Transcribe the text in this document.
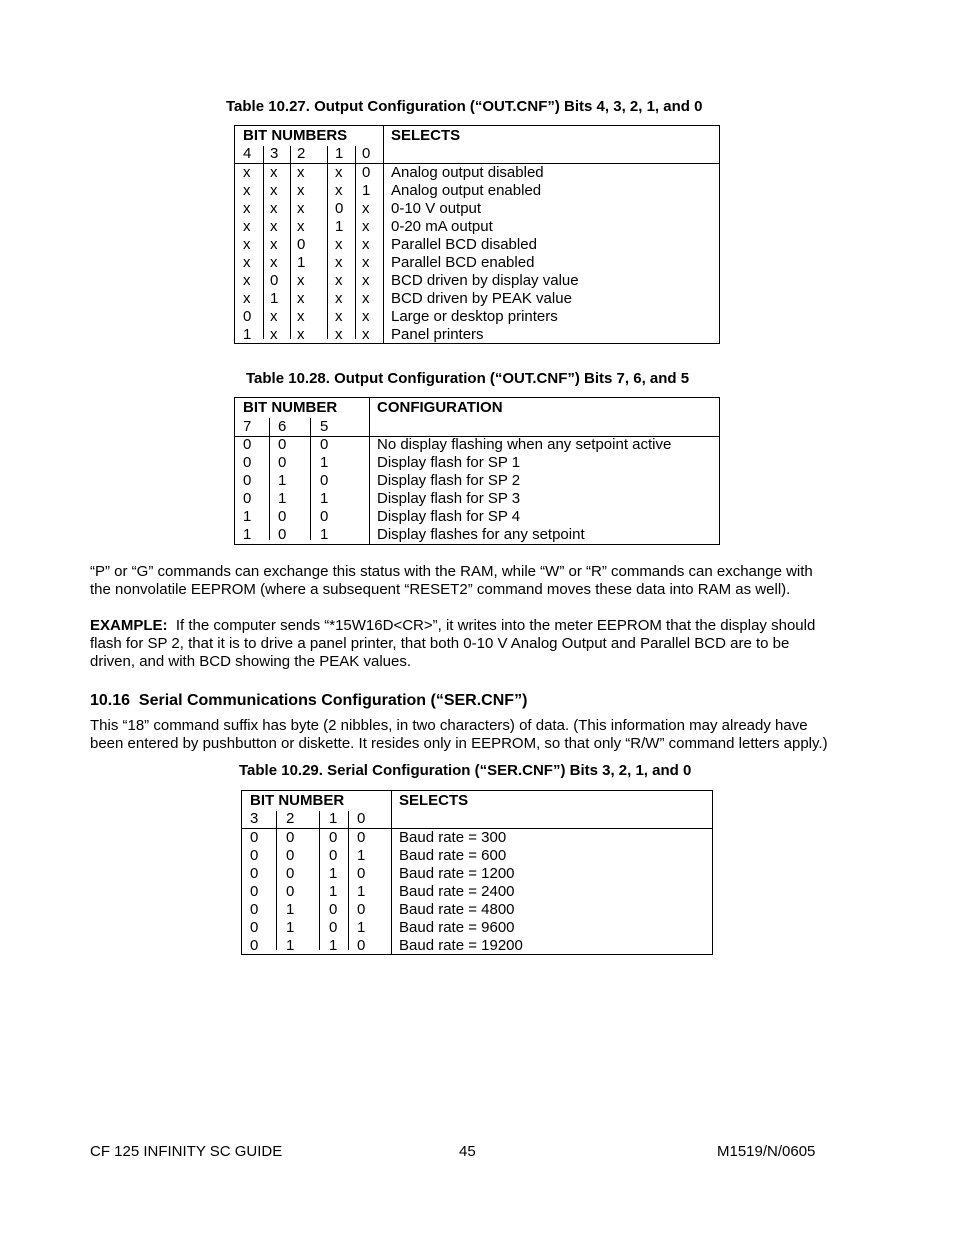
Table 10.27. Output Configuration (“OUT.CNF”) Bits 4, 3, 2, 1, and 0
BIT NUMBERS	SELECTS
4 3 2 1 0
x x x x 0 Analog output disabled
x x x x 1 Analog output enabled
x x x 0 x 0-10 V output
x x x 1 x 0-20 mA output
x x 0 x x Parallel BCD disabled
x x 1 x x Parallel BCD enabled
x 0 x x x BCD driven by display value
x 1 x x x BCD driven by PEAK value
0 x x x x Large or desktop printers
1 x x x x Panel printers
Table 10.28. Output Configuration (“OUT.CNF”) Bits 7, 6, and 5
BIT NUMBER	CONFIGURATION
7 6 5
0 0 0	No display flashing when any setpoint active
0 0 1	Display flash for SP 1
0 1 0	Display flash for SP 2
0 1 1	Display flash for SP 3
1 0 0	Display flash for SP 4
1 0 1	Display flashes for any setpoint
“P” or “G” commands can exchange this status with the RAM, while “W” or “R” commands can exchange with
the nonvolatile EEPROM (where a subsequent “RESET2” command moves these data into RAM as well).
EXAMPLE:  If the computer sends “*15W16D<CR>”, it writes into the meter EEPROM that the display should
flash for SP 2, that it is to drive a panel printer, that both 0-10 V Analog Output and Parallel BCD are to be
driven, and with BCD showing the PEAK values.
10.16  Serial Communications Configuration (“SER.CNF”)
This “18” command suffix has byte (2 nibbles, in two characters) of data. (This information may already have
been entered by pushbutton or diskette. It resides only in EEPROM, so that only “R/W” command letters apply.)
Table 10.29. Serial Configuration (“SER.CNF”) Bits 3, 2, 1, and 0
BIT NUMBER	SELECTS
3 2 1 0
0 0 0 0 Baud rate = 300
0 0 0 1 Baud rate = 600
0 0 1 0 Baud rate = 1200
0 0 1 1 Baud rate = 2400
0 1 0 0 Baud rate = 4800
0 1 0 1 Baud rate = 9600
0 1 1 0 Baud rate = 19200
CF 125 INFINITY SC GUIDE	45	M1519/N/0605
